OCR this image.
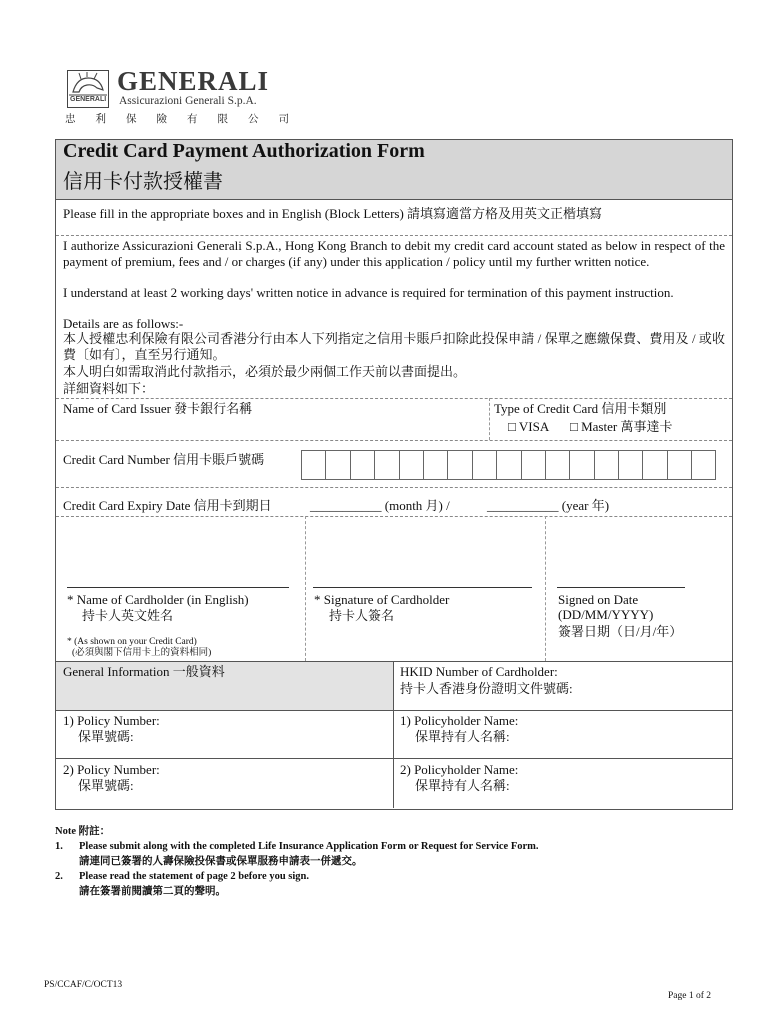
GENERALI
GENERALI
Assicurazioni Generali S.p.A.
忠利保險有限公司
Credit Card Payment Authorization Form
信用卡付款授權書
Please fill in the appropriate boxes and in English (Block Letters) 請填寫適當方格及用英文正楷填寫
I authorize Assicurazioni Generali S.p.A., Hong Kong Branch to debit my credit card account stated as below in respect of the payment of premium, fees and / or charges (if any) under this application / policy until my further written notice.
I understand at least 2 working days' written notice in advance is required for termination of this payment instruction.
Details are as follows:-
本人授權忠利保險有限公司香港分行由本人下列指定之信用卡賬戶扣除此投保申請 / 保單之應繳保費、費用及 / 或收費〔如有〕，直至另行通知。
本人明白如需取消此付款指示，必須於最少兩個工作天前以書面提出。
詳細資料如下：
Name of Card Issuer 發卡銀行名稱	Type of Credit Card 信用卡類別
□ VISA □ Master 萬事達卡
Credit Card Number 信用卡賬戶號碼
Credit Card Expiry Date 信用卡到期日	___________ (month 月) /	___________ (year 年)
* Name of Cardholder (in English)
持卡人英文姓名
* Signature of Cardholder
持卡人簽名
Signed on Date
(DD/MM/YYYY)
簽署日期（日/月/年）
* (As shown on your Credit Card)
(必須與閣下信用卡上的資料相同)
General Information 一般資料	HKID Number of Cardholder:
持卡人香港身份證明文件號碼:
1) Policy Number:
保單號碼:
1) Policyholder Name:
保單持有人名稱:
2) Policy Number:
保單號碼:
2) Policyholder Name:
保單持有人名稱:
Note 附註：
1. Please submit along with the completed Life Insurance Application Form or Request for Service Form.
請連同已簽署的人壽保險投保書或保單服務申請表一併遞交。
2. Please read the statement of page 2 before you sign.
請在簽署前閱讀第二頁的聲明。
PS/CCAF/C/OCT13
Page 1 of 2
